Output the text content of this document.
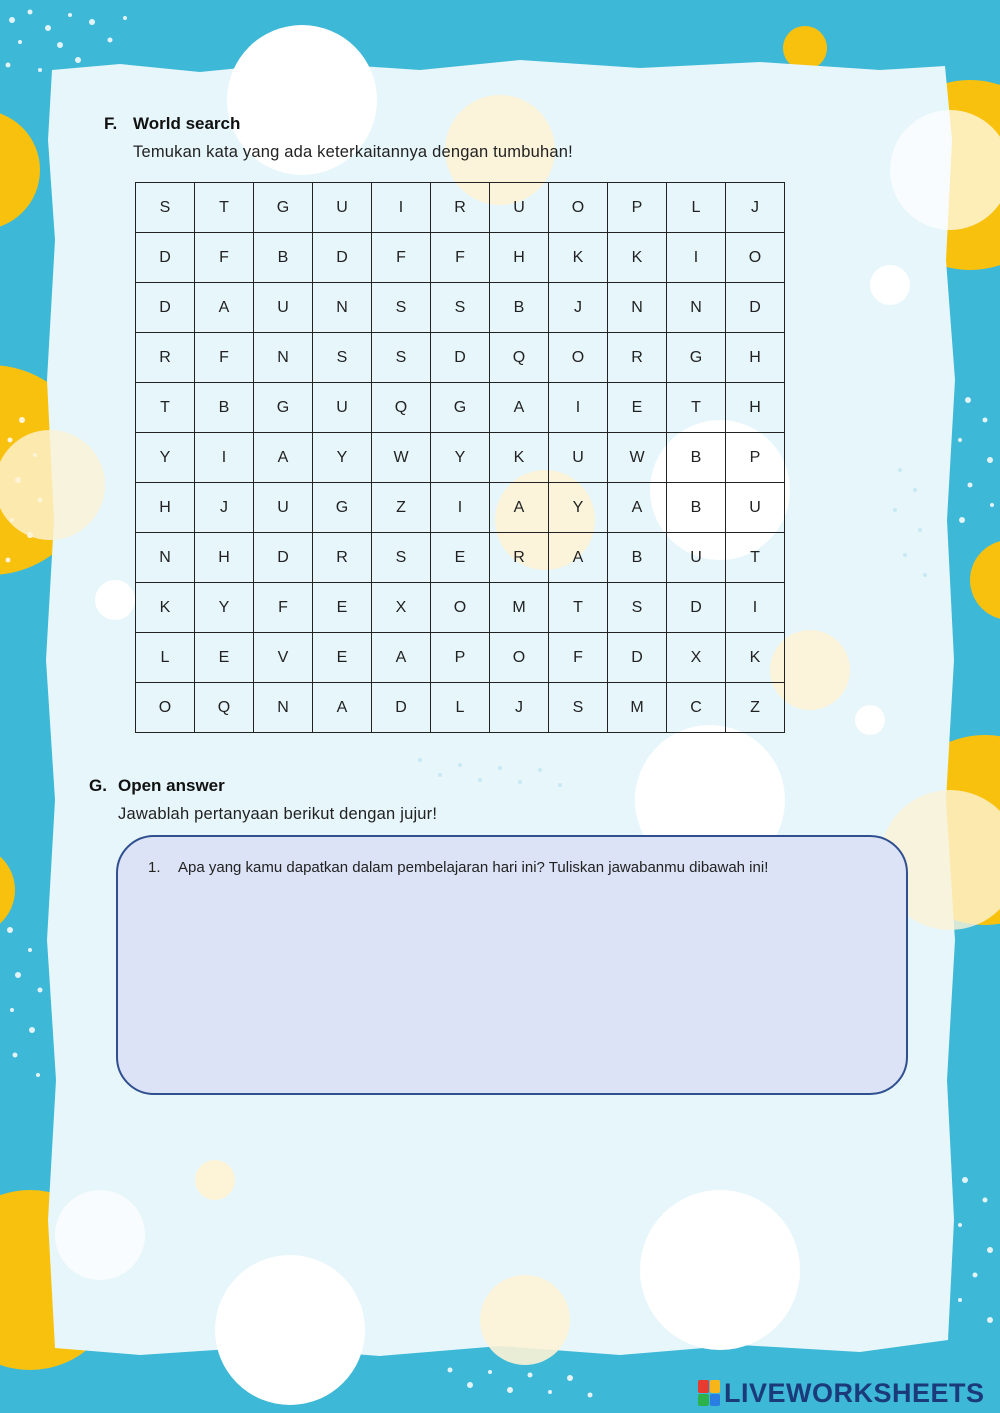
F. World search
Temukan kata yang ada keterkaitannya dengan tumbuhan!
S	T	G	U	I	R	U	O	P	L	J
D	F	B	D	F	F	H	K	K	I	O
D	A	U	N	S	S	B	J	N	N	D
R	F	N	S	S	D	Q	O	R	G	H
T	B	G	U	Q	G	A	I	E	T	H
Y	I	A	Y	W	Y	K	U	W	B	P
H	J	U	G	Z	I	A	Y	A	B	U
N	H	D	R	S	E	R	A	B	U	T
K	Y	F	E	X	O	M	T	S	D	I
L	E	V	E	A	P	O	F	D	X	K
O	Q	N	A	D	L	J	S	M	C	Z
G. Open answer
Jawablah pertanyaan berikut dengan jujur!
1. Apa yang kamu dapatkan dalam pembelajaran hari ini? Tuliskan jawabanmu dibawah ini!
LIVEWORKSHEETS
